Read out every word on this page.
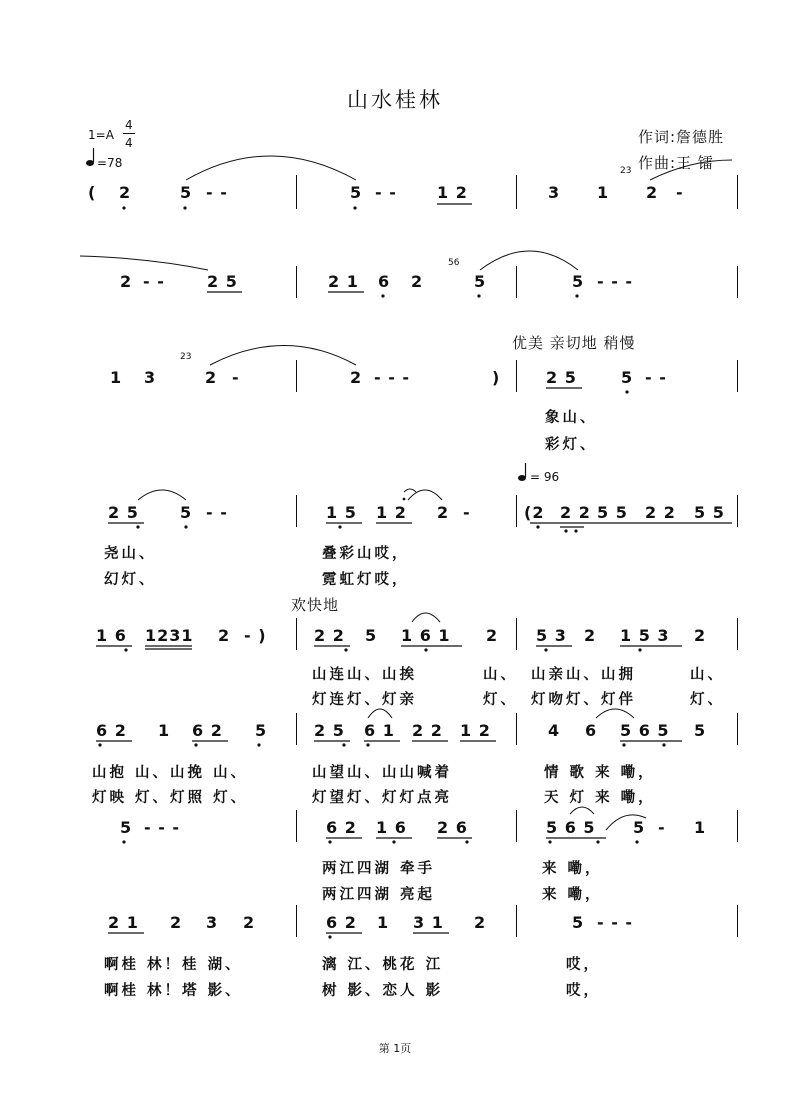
山水桂林
1=A
4
4
=78
作词:詹德胜
作曲:王 镭
( 2	5 - -	5 - -	1 2	3 1
23
2 -
2 - -	2 5	2 1 6 2
56
5	5 - - -
优美 亲切地 稍慢
1 3
23
2 -	2 - - -	)	2 5	5 - -
象山、
彩灯、
= 96
2 5	5 - -	1 5 1 2 2 -	(2 2 2 5 5 2 2 5 5
尧山、	叠彩山哎，
幻灯、	霓虹灯哎，
欢快地
1 6 1231 2 - )	2 2 5 1 6 1 2 5 3 2 1 5 3 2
山连山、山挨	山、 山亲山、山拥	山、
灯连灯、灯亲	灯、 灯吻灯、灯伴	灯、
6 2 1 6 2 5	2 5 6 1 2 2 1 2	4 6 5 6 5 5
山抱 山、山挽 山、	山望山、山山喊着	情 歌 来 嘞，
灯映 灯、灯照 灯、	灯望灯、灯灯点亮	天 灯 来 嘞，
5 - - -	6 2 1 6 2 6	5 6 5 5 - 1
两江四湖 牵手	来 嘞，
两江四湖 亮起	来 嘞，
2 1 2 3 2	6 2 1 3 1 2	5 - - -
啊桂 林！桂 湖、	漓 江、桃花 江	哎，
啊桂 林！塔 影、	树 影、恋人 影	哎，
第 1页
